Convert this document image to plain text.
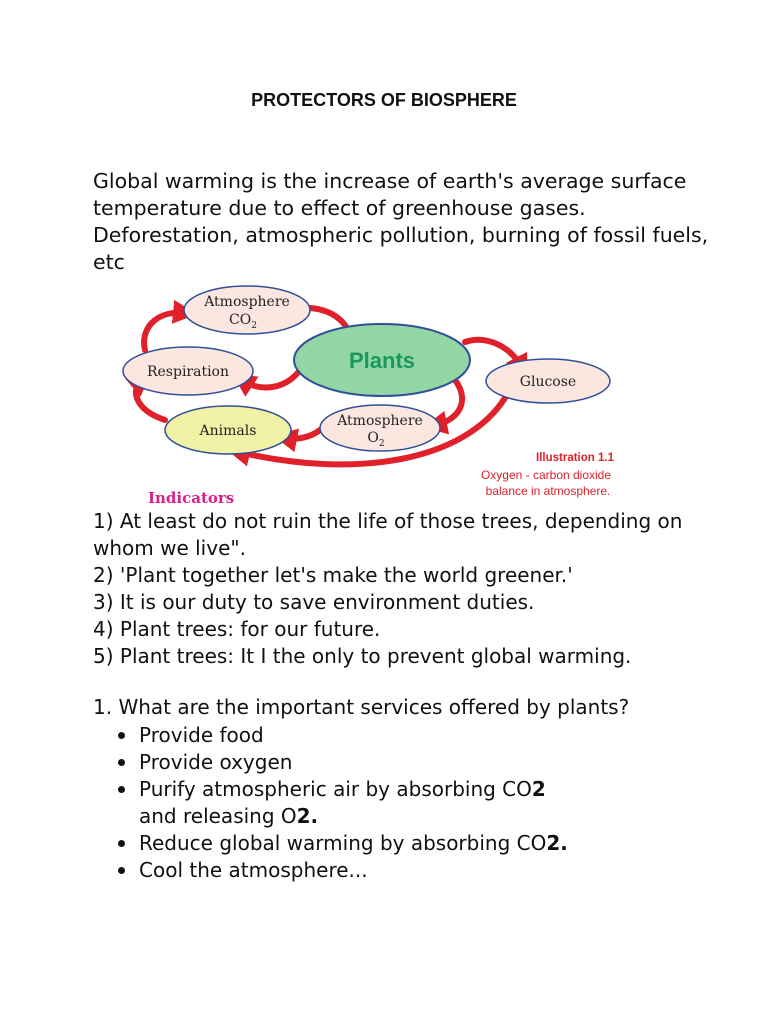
PROTECTORS OF BIOSPHERE
Global warming is the increase of earth's average surface
temperature due to effect of greenhouse gases.
Deforestation, atmospheric pollution, burning of fossil fuels,
etc
Atmosphere
$CO_2$
Plants
Respiration
Glucose
Animals
Atmosphere
$O_2$
Illustration 1.1
Oxygen - carbon dioxide
balance in atmosphere.
Indicators
1) At least do not ruin the life of those trees, depending on
whom we live".
2) 'Plant together let's make the world greener.'
3) It is our duty to save environment duties.
4) Plant trees: for our future.
5) Plant trees: It I the only to prevent global warming.
1. What are the important services offered by plants?
Provide food
Provide oxygen
Purify atmospheric air by absorbing CO2
and releasing O2.
Reduce global warming by absorbing CO2.
Cool the atmosphere...
